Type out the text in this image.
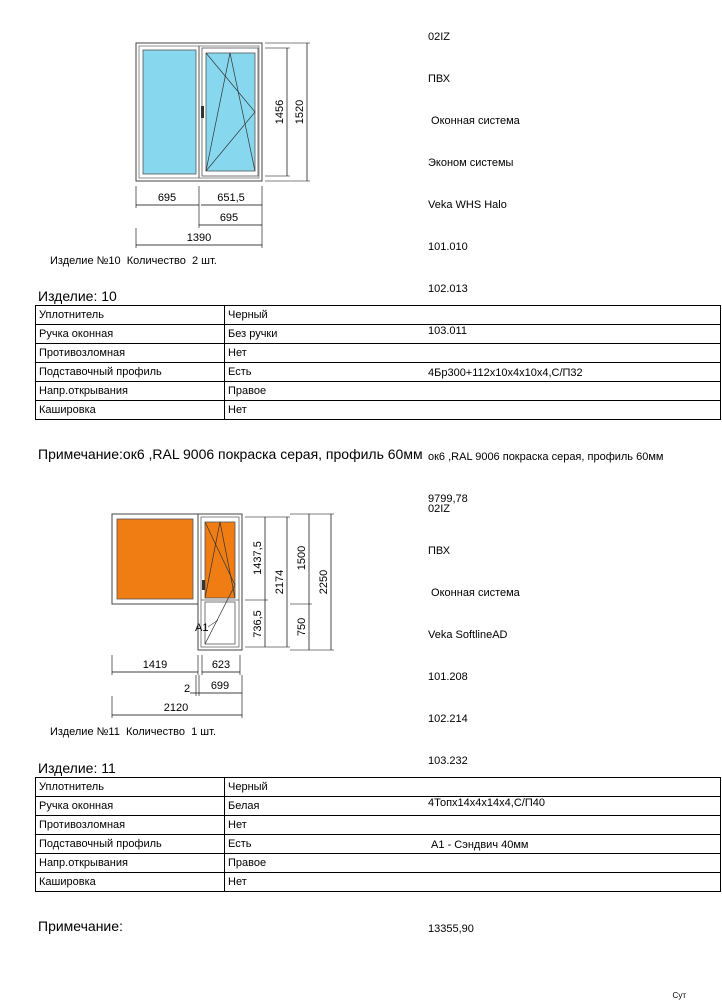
02IZ

ПВХ

Оконная система

Эконом системы

Veka WHS Halo

101.010

102.013

103.011

4Бр300+112х10х4х10х4,С/П32

ок6 ,RAL 9006 покраска серая, профиль 60мм

9799,78

1456 1520
695	651,5
695
1390
Изделие №10  Количество  2 шт.
Изделие: 10
Уплотнитель	Черный
Ручка оконная	Без ручки
Противозломная	Нет
Подставочный профиль	Есть
Напр.открывания	Правое
Кашировка	Нет
Примечание:ок6 ,RAL 9006 покраска серая, профиль 60мм

02IZ

ПВХ

Оконная система

Veka SoftlineAD

101.208

102.214

103.232

4Топх14х4х14х4,С/П40

А1 - Сэндвич 40мм

13355,90

А1
1437,5
736,5
2174
1500
750
2250
1419	623
2 699
2120
Изделие №11  Количество  1 шт.
Изделие: 11
Уплотнитель	Черный
Ручка оконная	Белая
Противозломная	Нет
Подставочный профиль	Есть
Напр.открывания	Правое
Кашировка	Нет
Примечание:
Сут
